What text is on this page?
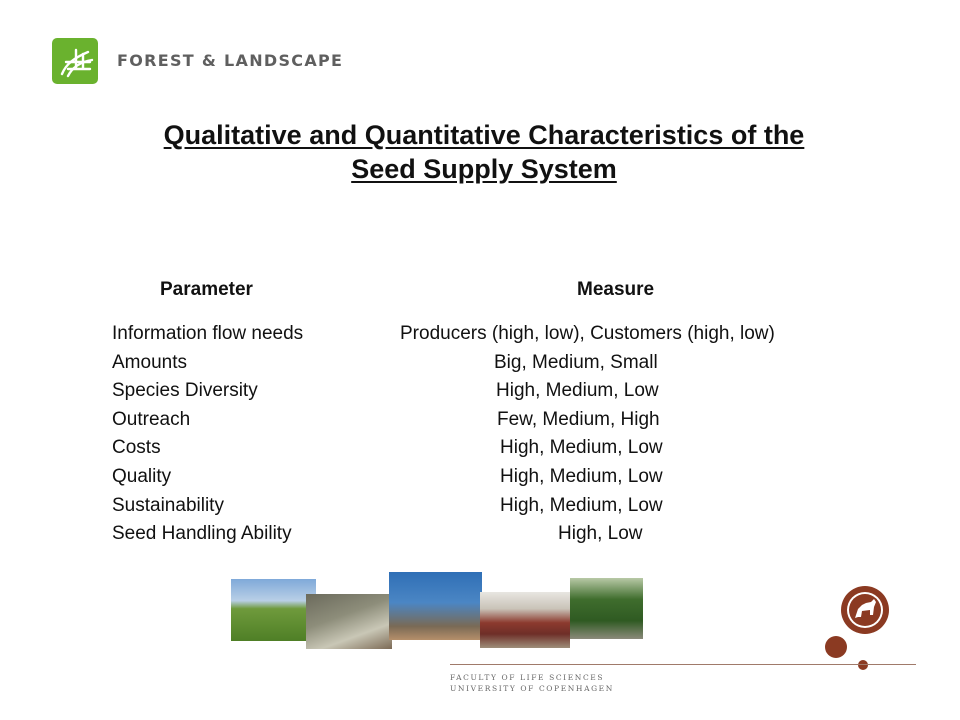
FOREST & LANDSCAPE
Qualitative and Quantitative Characteristics of the
Seed Supply System
Parameter	Measure
Information flow needs	Producers (high, low), Customers (high, low)
Amounts	Big, Medium, Small
Species Diversity	High, Medium, Low
Outreach	Few, Medium, High
Costs	High, Medium, Low
Quality	High, Medium, Low
Sustainability	High, Medium, Low
Seed Handling Ability	High, Low
FACULTY OF LIFE SCIENCES
UNIVERSITY OF COPENHAGEN
